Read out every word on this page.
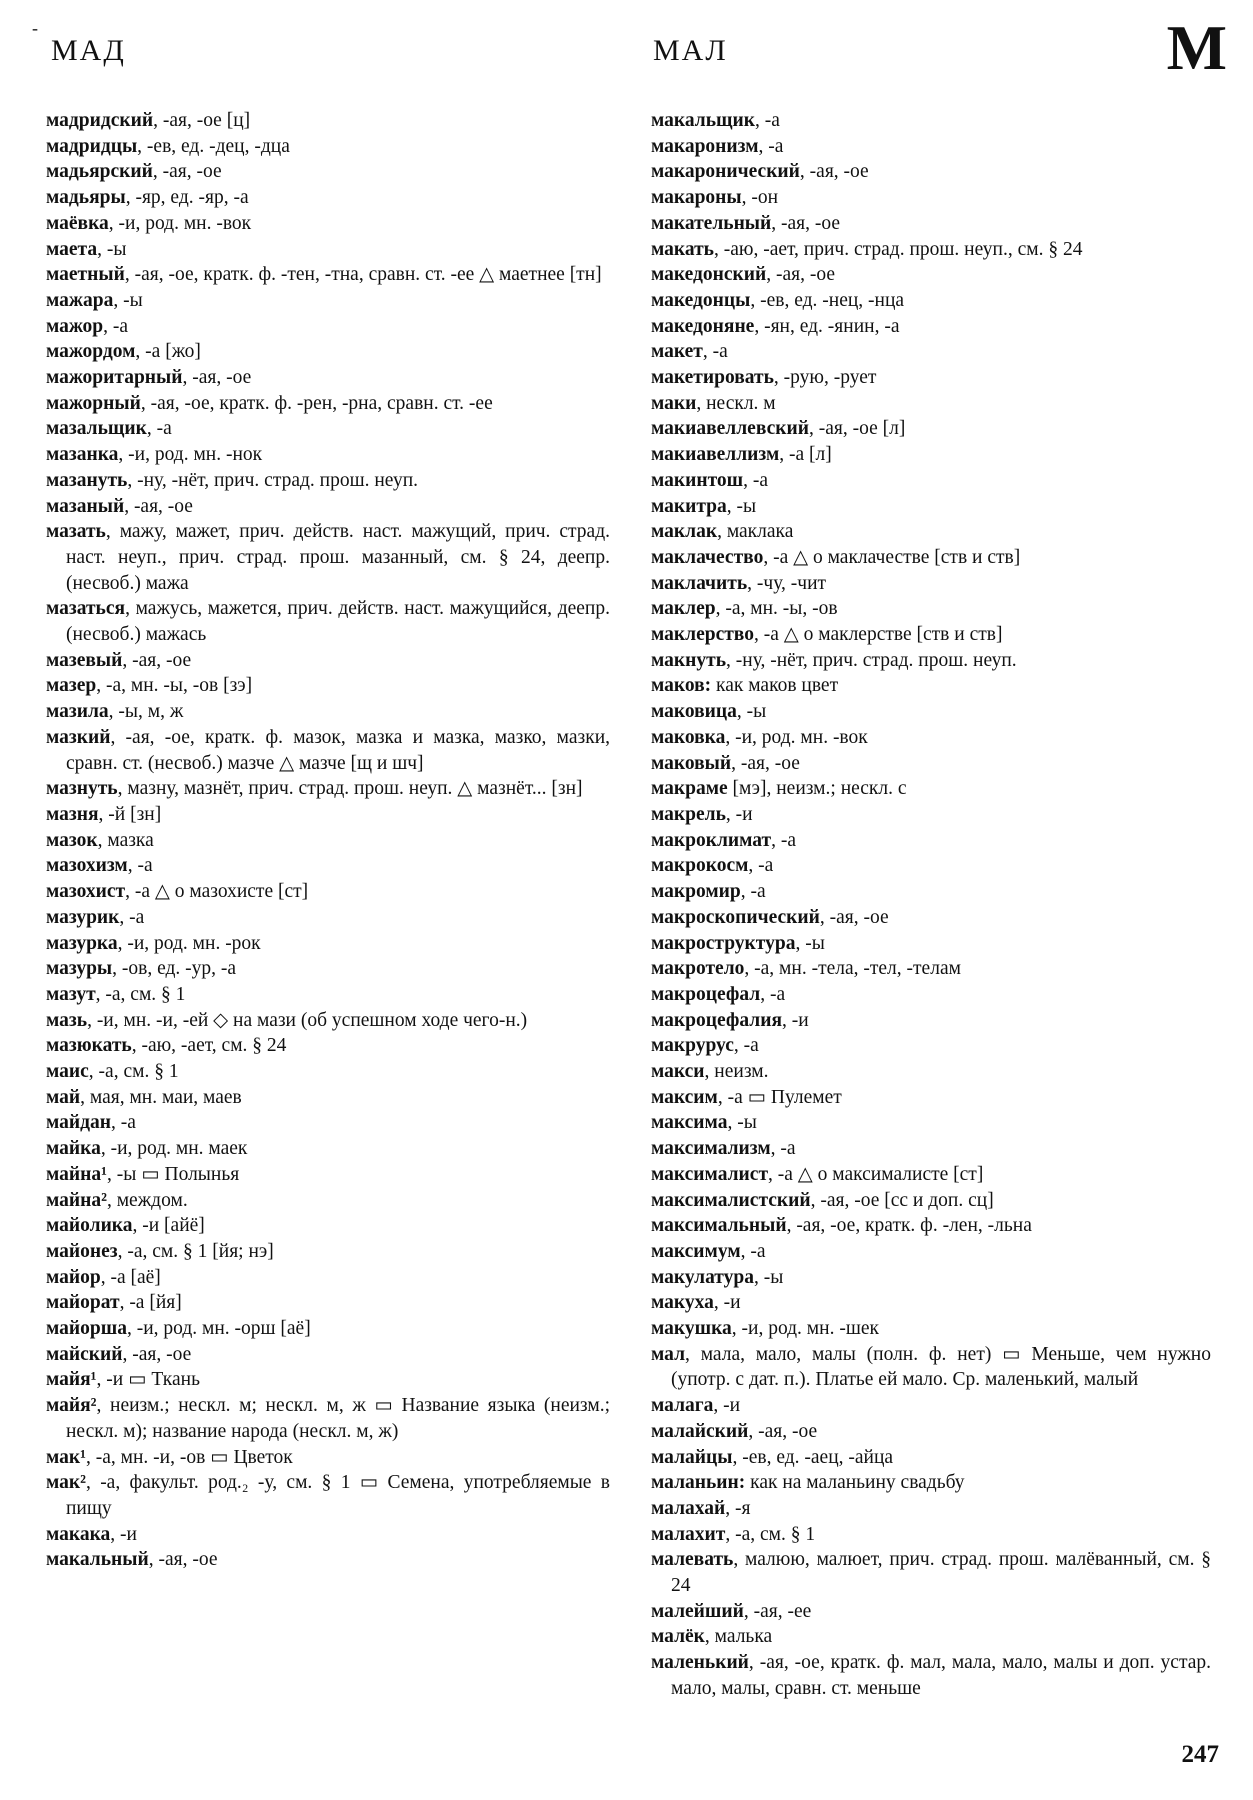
-
МАД	МАЛ	М

мадридский, -ая, -ое [ц]

мадридцы, -ев, ед. -дец, -дца

мадьярский, -ая, -ое

мадьяры, -яр, ед. -яр, -а

маёвка, -и, род. мн. -вок

маета, -ы

маетный, -ая, -ое, кратк. ф. -тен, -тна, сравн. ст. -ее △ маетнее [тн]

мажара, -ы

мажор, -а

мажордом, -а [жо]

мажоритарный, -ая, -ое

мажорный, -ая, -ое, кратк. ф. -рен, -рна, сравн. ст. -ее

мазальщик, -а

мазанка, -и, род. мн. -нок

мазануть, -ну, -нёт, прич. страд. прош. неуп.

мазаный, -ая, -ое

мазать, мажу, мажет, прич. действ. наст. мажущий, прич. страд. наст. неуп., прич. страд. прош. мазанный, см. § 24, деепр. (несвоб.) мажа

мазаться, мажусь, мажется, прич. действ. наст. мажущийся, деепр. (несвоб.) мажась

мазевый, -ая, -ое

мазер, -а, мн. -ы, -ов [зэ]

мазила, -ы, м, ж

мазкий, -ая, -ое, кратк. ф. мазок, мазка и мазка, мазко, мазки, сравн. ст. (несвоб.) мазче △ мазче [щ и шч]

мазнуть, мазну, мазнёт, прич. страд. прош. неуп. △ мазнёт... [зн]

мазня, -й [зн]

мазок, мазка

мазохизм, -а

мазохист, -а △ о мазохисте [ст]

мазурик, -а

мазурка, -и, род. мн. -рок

мазуры, -ов, ед. -ур, -а

мазут, -а, см. § 1

мазь, -и, мн. -и, -ей ◇ на мази (об успешном ходе чего-н.)

мазюкать, -аю, -ает, см. § 24

маис, -а, см. § 1

май, мая, мн. маи, маев

майдан, -а

майка, -и, род. мн. маек

майна¹, -ы ▭ Полынья

майна², междом.

майолика, -и [айё]

майонез, -а, см. § 1 [йя; нэ]

майор, -а [аё]

майорат, -а [йя]

майорша, -и, род. мн. -орш [аё]

майский, -ая, -ое

майя¹, -и ▭ Ткань

майя², неизм.; нескл. м; нескл. м, ж ▭ Название языка (неизм.; нескл. м); название народа (нескл. м, ж)

мак¹, -а, мн. -и, -ов ▭ Цветок

мак², -а, факульт. род.₂ -у, см. § 1 ▭ Семена, употребляемые в пищу

макака, -и

макальный, -ая, -ое

макальщик, -а

макаронизм, -а

макаронический, -ая, -ое

макароны, -он

макательный, -ая, -ое

макать, -аю, -ает, прич. страд. прош. неуп., см. § 24

македонский, -ая, -ое

македонцы, -ев, ед. -нец, -нца

македоняне, -ян, ед. -янин, -а

макет, -а

макетировать, -рую, -рует

маки, нескл. м

макиавеллевский, -ая, -ое [л]

макиавеллизм, -а [л]

макинтош, -а

макитра, -ы

маклак, маклака

маклачество, -а △ о маклачестве [ств и ств]

маклачить, -чу, -чит

маклер, -а, мн. -ы, -ов

маклерство, -а △ о маклерстве [ств и ств]

макнуть, -ну, -нёт, прич. страд. прош. неуп.

маков: как маков цвет

маковица, -ы

маковка, -и, род. мн. -вок

маковый, -ая, -ое

макраме [мэ], неизм.; нескл. с

макрель, -и

макроклимат, -а

макрокосм, -а

макромир, -а

макроскопический, -ая, -ое

макроструктура, -ы

макротело, -а, мн. -тела, -тел, -телам

макроцефал, -а

макроцефалия, -и

макрурус, -а

макси, неизм.

максим, -а ▭ Пулемет

максима, -ы

максимализм, -а

максималист, -а △ о максималисте [ст]

максималистский, -ая, -ое [сс и доп. сц]

максимальный, -ая, -ое, кратк. ф. -лен, -льна

максимум, -а

макулатура, -ы

макуха, -и

макушка, -и, род. мн. -шек

мал, мала, мало, малы (полн. ф. нет) ▭ Меньше, чем нужно (употр. с дат. п.). Платье ей мало. Ср. маленький, малый

малага, -и

малайский, -ая, -ое

малайцы, -ев, ед. -аец, -айца

маланьин: как на маланьину свадьбу

малахай, -я

малахит, -а, см. § 1

малевать, малюю, малюет, прич. страд. прош. малёванный, см. § 24

малейший, -ая, -ее

малёк, малька

маленький, -ая, -ое, кратк. ф. мал, мала, мало, малы и доп. устар. мало, малы, сравн. ст. меньше

247
